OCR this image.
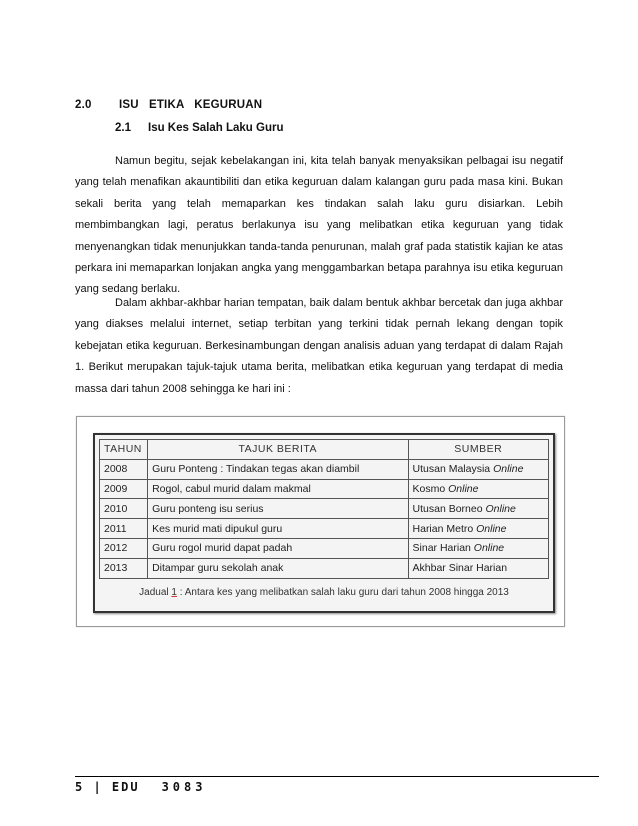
2.0 ISU   ETIKA   KEGURUAN
2.1 Isu Kes Salah Laku Guru

Namun begitu, sejak kebelakangan ini, kita telah banyak menyaksikan pelbagai isu negatif yang telah menafikan akauntibiliti dan etika keguruan dalam kalangan guru pada masa kini. Bukan sekali berita yang telah memaparkan kes tindakan salah laku guru disiarkan. Lebih membimbangkan lagi, peratus berlakunya isu yang melibatkan etika keguruan yang tidak menyenangkan tidak menunjukkan tanda-tanda penurunan, malah graf pada statistik kajian ke atas perkara ini memaparkan lonjakan angka yang menggambarkan betapa parahnya isu etika keguruan yang sedang berlaku.

Dalam akhbar-akhbar harian tempatan, baik dalam bentuk akhbar bercetak dan juga akhbar yang diakses melalui internet, setiap terbitan yang terkini tidak pernah lekang dengan topik kebejatan etika keguruan. Berkesinambungan dengan analisis aduan yang terdapat di dalam Rajah 1. Berikut merupakan tajuk-tajuk utama berita, melibatkan etika keguruan yang terdapat di media massa dari tahun 2008 sehingga ke hari ini :

TAHUN	TAJUK BERITA	SUMBER
2008	Guru Ponteng : Tindakan tegas akan diambil	Utusan Malaysia Online
2009	Rogol, cabul murid dalam makmal	Kosmo Online
2010	Guru ponteng isu serius	Utusan Borneo Online
2011	Kes murid mati dipukul guru	Harian Metro Online
2012	Guru rogol murid dapat padah	Sinar Harian Online
2013	Ditampar guru sekolah anak	Akhbar Sinar Harian
Jadual 1 : Antara kes yang melibatkan salah laku guru dari tahun 2008 hingga 2013
5 | EDU 3083
